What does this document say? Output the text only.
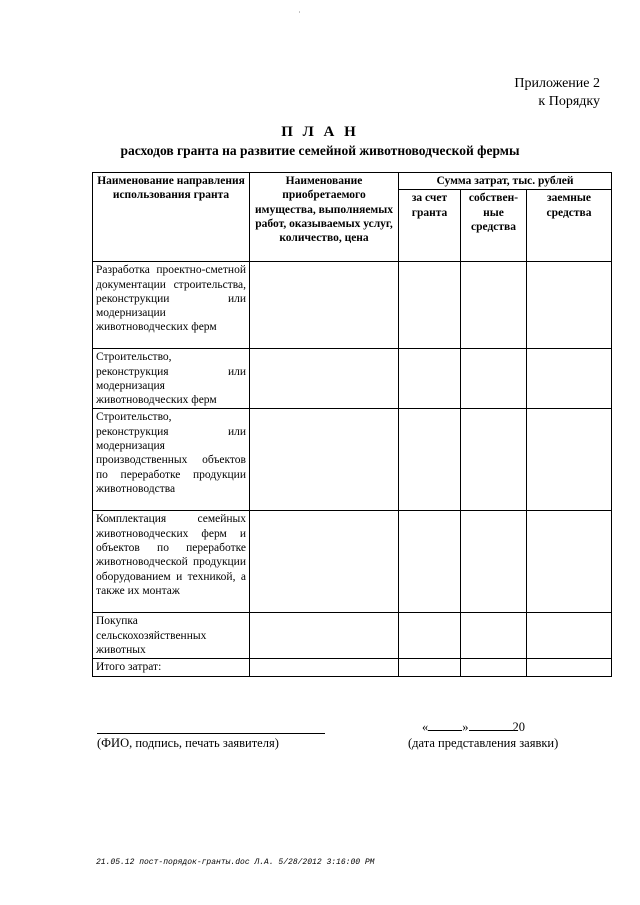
˙
Приложение 2
к Порядку
П Л А Н
расходов гранта на развитие семейной животноводческой фермы
Наименование направления использования гранта	Наименование приобретаемого имущества, выполняемых работ, оказываемых услуг, количество, цена	Сумма затрат, тыс. рублей		
		за счет гранта	собствен-ные средства	заемные средства
Разработка проектно-сметной документации строительства, реконструкции или модернизации животноводческих ферм				
Строительство, реконструкция или модернизация животноводческих ферм				
Строительство, реконструкция или модернизация производственных объектов по переработке продукции животноводства				
Комплектация семейных животноводческих ферм и объектов по переработке животноводческой продукции оборудованием и техникой, а также их монтаж				
Покупка сельскохозяйственных животных				
Итого затрат:				
(ФИО, подпись, печать заявителя)
«	»	20
(дата представления заявки)
21.05.12 пост-порядок-гранты.doc Л.А. 5/28/2012 3:16:00 PM
